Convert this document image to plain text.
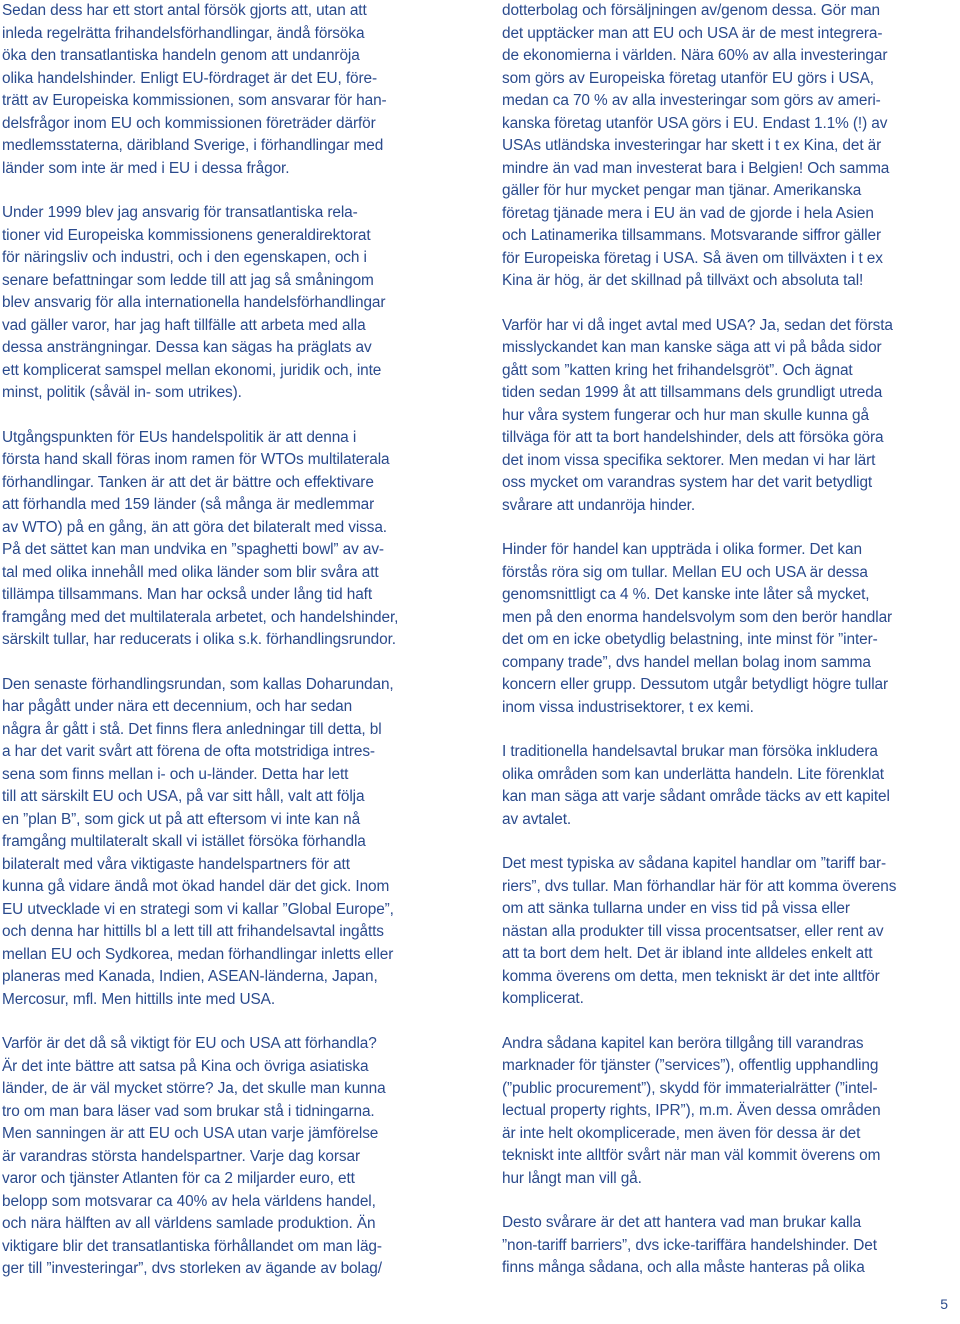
Sedan dess har ett stort antal försök gjorts att, utan att
inleda regelrätta frihandelsförhandlingar, ändå försöka
öka den transatlantiska handeln genom att undanröja
olika handelshinder. Enligt EU-fördraget är det EU, före-
trätt av Europeiska kommissionen, som ansvarar för han-
delsfrågor inom EU och kommissionen företräder därför
medlemsstaterna, däribland Sverige, i förhandlingar med
länder som inte är med i EU i dessa frågor.

Under 1999 blev jag ansvarig för transatlantiska rela-
tioner vid Europeiska kommissionens generaldirektorat
för näringsliv och industri, och i den egenskapen, och i
senare befattningar som ledde till att jag så småningom
blev ansvarig för alla internationella handelsförhandlingar
vad gäller varor, har jag haft tillfälle att arbeta med alla
dessa ansträngningar. Dessa kan sägas ha präglats av
ett komplicerat samspel mellan ekonomi, juridik och, inte
minst, politik (såväl in- som utrikes).

Utgångspunkten för EUs handelspolitik är att denna i
första hand skall föras inom ramen för WTOs multilaterala
förhandlingar. Tanken är att det är bättre och effektivare
att förhandla med 159 länder (så många är medlemmar
av WTO) på en gång, än att göra det bilateralt med vissa.
På det sättet kan man undvika en ”spaghetti bowl” av av-
tal med olika innehåll med olika länder som blir svåra att
tillämpa tillsammans. Man har också under lång tid haft
framgång med det multilaterala arbetet, och handelshinder,
särskilt tullar, har reducerats i olika s.k. förhandlingsrundor.

Den senaste förhandlingsrundan, som kallas Doharundan,
har pågått under nära ett decennium, och har sedan
några år gått i stå. Det finns flera anledningar till detta, bl
a har det varit svårt att förena de ofta motstridiga intres-
sena som finns mellan i- och u-länder. Detta har lett
till att särskilt EU och USA, på var sitt håll, valt att följa
en ”plan B”, som gick ut på att eftersom vi inte kan nå
framgång multilateralt skall vi istället försöka förhandla
bilateralt med våra viktigaste handelspartners för att
kunna gå vidare ändå mot ökad handel där det gick. Inom
EU utvecklade vi en strategi som vi kallar ”Global Europe”,
och denna har hittills bl a lett till att frihandelsavtal ingåtts
mellan EU och Sydkorea, medan förhandlingar inletts eller
planeras med Kanada, Indien, ASEAN-länderna, Japan,
Mercosur, mfl. Men hittills inte med USA.

Varför är det då så viktigt för EU och USA att förhandla?
Är det inte bättre att satsa på Kina och övriga asiatiska
länder, de är väl mycket större? Ja, det skulle man kunna
tro om man bara läser vad som brukar stå i tidningarna.
Men sanningen är att EU och USA utan varje jämförelse
är varandras största handelspartner. Varje dag korsar
varor och tjänster Atlanten för ca 2 miljarder euro, ett
belopp som motsvarar ca 40% av hela världens handel,
och nära hälften av all världens samlade produktion. Än
viktigare blir det transatlantiska förhållandet om man läg-
ger till ”investeringar”, dvs storleken av ägande av bolag/

dotterbolag och försäljningen av/genom dessa. Gör man
det upptäcker man att EU och USA är de mest integrera-
de ekonomierna i världen. Nära 60% av alla investeringar
som görs av Europeiska företag utanför EU görs i USA,
medan ca 70 % av alla investeringar som görs av ameri-
kanska företag utanför USA görs i EU. Endast 1.1% (!) av
USAs utländska investeringar har skett i t ex Kina, det är
mindre än vad man investerat bara i Belgien! Och samma
gäller för hur mycket pengar man tjänar. Amerikanska
företag tjänade mera i EU än vad de gjorde i hela Asien
och Latinamerika tillsammans. Motsvarande siffror gäller
för Europeiska företag i USA. Så även om tillväxten i t ex
Kina är hög, är det skillnad på tillväxt och absoluta tal!

Varför har vi då inget avtal med USA? Ja, sedan det första
misslyckandet kan man kanske säga att vi på båda sidor
gått som ”katten kring het frihandelsgröt”. Och ägnat
tiden sedan 1999 åt att tillsammans dels grundligt utreda
hur våra system fungerar och hur man skulle kunna gå
tillväga för att ta bort handelshinder, dels att försöka göra
det inom vissa specifika sektorer. Men medan vi har lärt
oss mycket om varandras system har det varit betydligt
svårare att undanröja hinder.

Hinder för handel kan uppträda i olika former. Det kan
förstås röra sig om tullar. Mellan EU och USA är dessa
genomsnittligt ca 4 %. Det kanske inte låter så mycket,
men på den enorma handelsvolym som den berör handlar
det om en icke obetydlig belastning, inte minst för ”inter-
company trade”, dvs handel mellan bolag inom samma
koncern eller grupp. Dessutom utgår betydligt högre tullar
inom vissa industrisektorer, t ex kemi.

I traditionella handelsavtal brukar man försöka inkludera
olika områden som kan underlätta handeln. Lite förenklat
kan man säga att varje sådant område täcks av ett kapitel
av avtalet.

Det mest typiska av sådana kapitel handlar om ”tariff bar-
riers”, dvs tullar. Man förhandlar här för att komma överens
om att sänka tullarna under en viss tid på vissa eller
nästan alla produkter till vissa procentsatser, eller rent av
att ta bort dem helt. Det är ibland inte alldeles enkelt att
komma överens om detta, men tekniskt är det inte alltför
komplicerat.

Andra sådana kapitel kan beröra tillgång till varandras
marknader för tjänster (”services”), offentlig upphandling
(”public procurement”), skydd för immaterialrätter (”intel-
lectual property rights, IPR”), m.m. Även dessa områden
är inte helt okomplicerade, men även för dessa är det
tekniskt inte alltför svårt när man väl kommit överens om
hur långt man vill gå.

Desto svårare är det att hantera vad man brukar kalla
”non-tariff barriers”, dvs icke-tariffära handelshinder. Det
finns många sådana, och alla måste hanteras på olika

5
